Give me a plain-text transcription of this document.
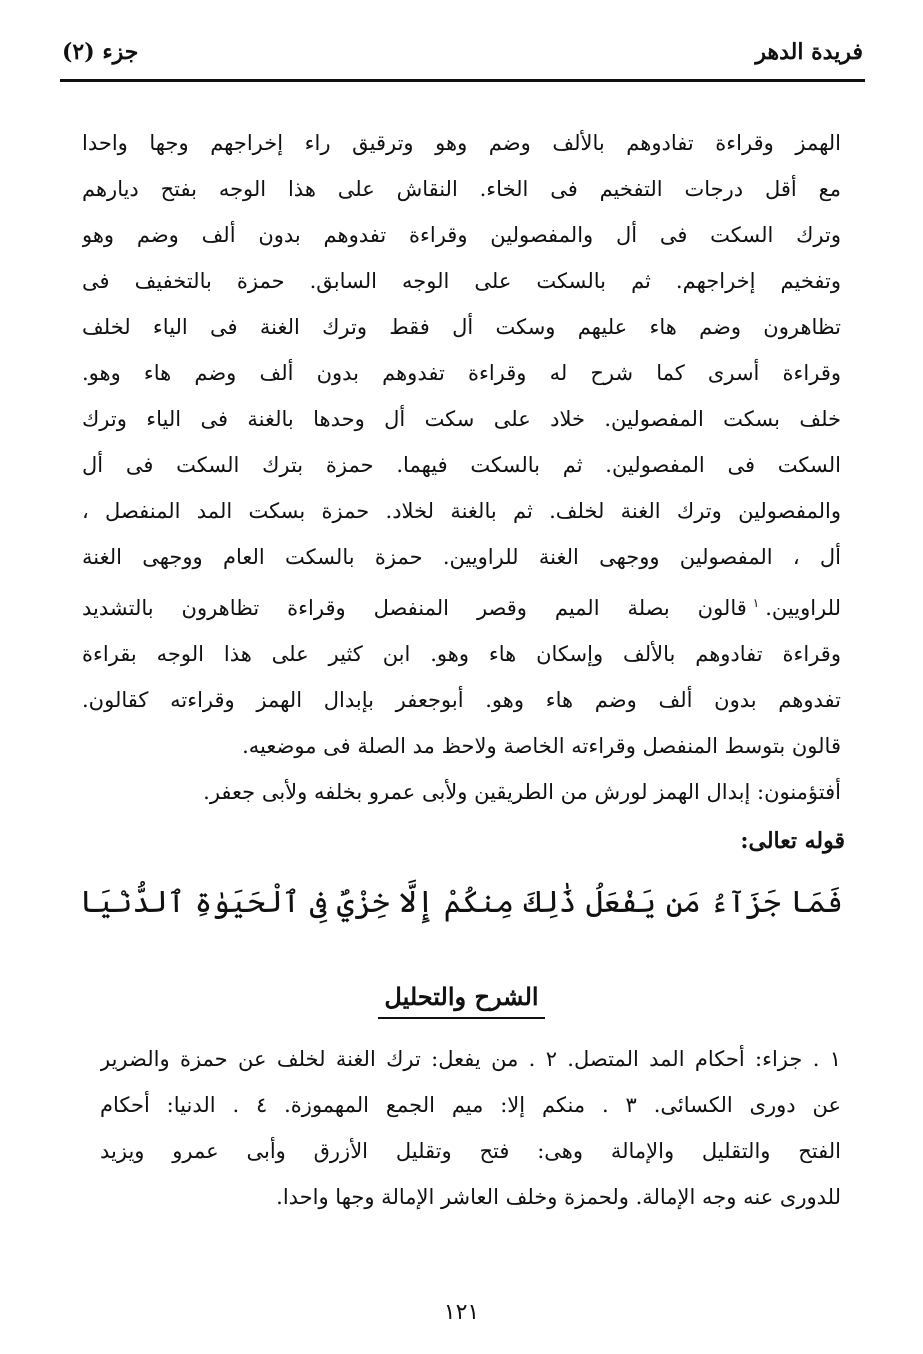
فريدة الدهر
جزء (٢)
الهمز وقراءة تفادوهم بالألف وضم وهو وترقيق راء إخراجهم وجها واحدا
مع أقل درجات التفخيم فى الخاء. النقاش على هذا الوجه بفتح ديارهم
وترك السكت فى أل والمفصولين وقراءة تفدوهم بدون ألف وضم وهو
وتفخيم إخراجهم. ثم بالسكت على الوجه السابق. حمزة بالتخفيف فى
تظاهرون وضم هاء عليهم وسكت أل فقط وترك الغنة فى الياء لخلف
وقراءة أسرى كما شرح له وقراءة تفدوهم بدون ألف وضم هاء وهو.
خلف بسكت المفصولين. خلاد على سكت أل وحدها بالغنة فى الياء وترك
السكت فى المفصولين. ثم بالسكت فيهما. حمزة بترك السكت فى أل
والمفصولين وترك الغنة لخلف. ثم بالغنة لخلاد. حمزة بسكت المد المنفصل ،
أل ، المفصولين ووجهى الغنة للراويين. حمزة بالسكت العام ووجهى الغنة
للراويين.$^١$قالون بصلة الميم وقصر المنفصل وقراءة تظاهرون بالتشديد
وقراءة تفادوهم بالألف وإسكان هاء وهو. ابن كثير على هذا الوجه بقراءة
تفدوهم بدون ألف وضم هاء وهو. أبوجعفر بإبدال الهمز وقراءته كقالون.
قالون بتوسط المنفصل وقراءته الخاصة ولاحظ مد الصلة فى موضعيه.
أفتؤمنون: إبدال الهمز لورش من الطريقين ولأبى عمرو بخلفه ولأبى جعفر.
قوله تعالى:
فَمَا جَزَآءُ مَن يَفْعَلُ ذَٰلِكَ مِنكُمْ إِلَّا خِزْيٌ فِى ٱلْحَيَوٰةِ ٱلدُّنْيَا
الشرح والتحليل
١ . جزاء: أحكام المد المتصل. ٢ . من يفعل: ترك الغنة لخلف عن حمزة والضرير
عن دورى الكسائى. ٣ . منكم إلا: ميم الجمع المهموزة. ٤ . الدنيا: أحكام
الفتح والتقليل والإمالة وهى: فتح وتقليل الأزرق وأبى عمرو ويزيد
للدورى عنه وجه الإمالة. ولحمزة وخلف العاشر الإمالة وجها واحدا.
١٢١
